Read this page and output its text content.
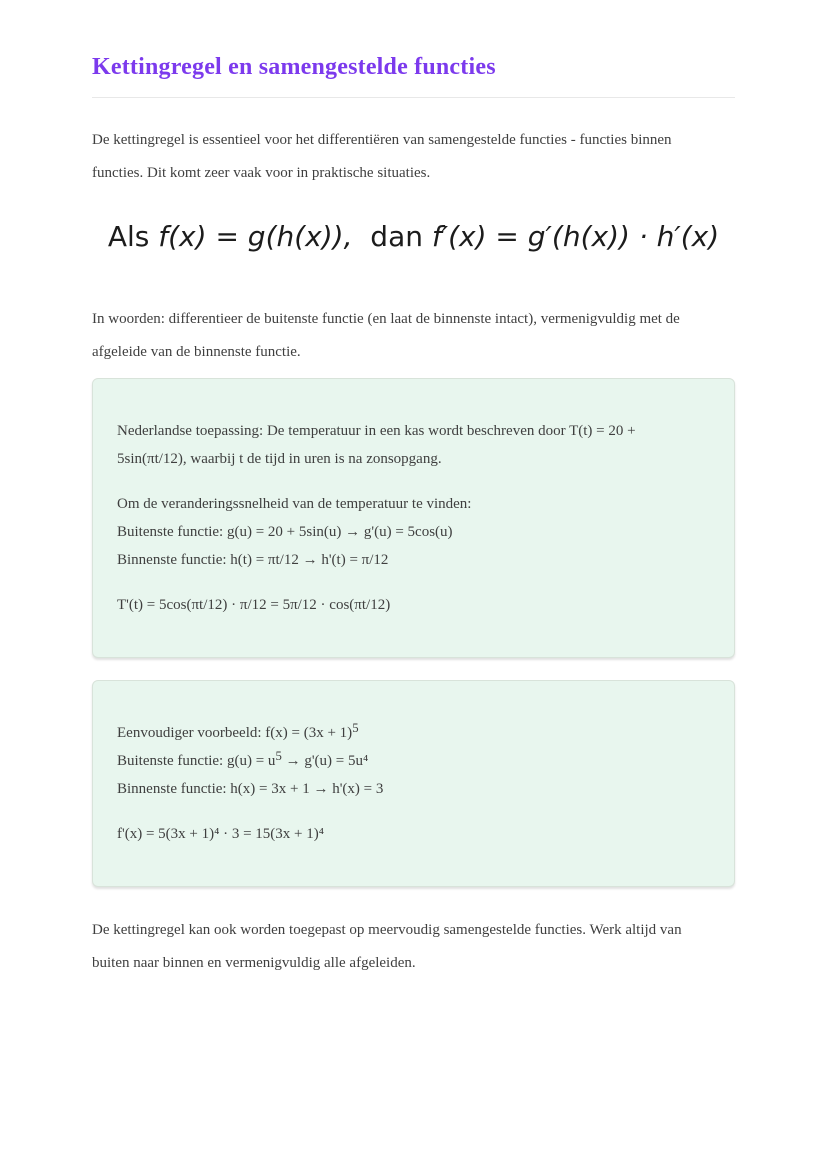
Kettingregel en samengestelde functies
De kettingregel is essentieel voor het differentiëren van samengestelde functies - functies binnen
functies. Dit komt zeer vaak voor in praktische situaties.
Als f(x) = g(h(x)),  dan f′(x) = g′(h(x)) · h′(x)
In woorden: differentieer de buitenste functie (en laat de binnenste intact), vermenigvuldig met de
afgeleide van de binnenste functie.
Nederlandse toepassing: De temperatuur in een kas wordt beschreven door T(t) = 20 +
5sin(πt/12), waarbij t de tijd in uren is na zonsopgang.
Om de veranderingssnelheid van de temperatuur te vinden:
Buitenste functie: g(u) = 20 + 5sin(u) → g'(u) = 5cos(u)
Binnenste functie: h(t) = πt/12 → h'(t) = π/12
T'(t) = 5cos(πt/12) · π/12 = 5π/12 · cos(πt/12)
Eenvoudiger voorbeeld: $f(x) = (3x + 1)^5$
Buitenste functie: $g(u) = u^5 \to g'(u) = 5u^4$
Binnenste functie: h(x) = 3x + 1 → h'(x) = 3
f'(x) = 5(3x + 1)⁴ · 3 = 15(3x + 1)⁴
De kettingregel kan ook worden toegepast op meervoudig samengestelde functies. Werk altijd van
buiten naar binnen en vermenigvuldig alle afgeleiden.
